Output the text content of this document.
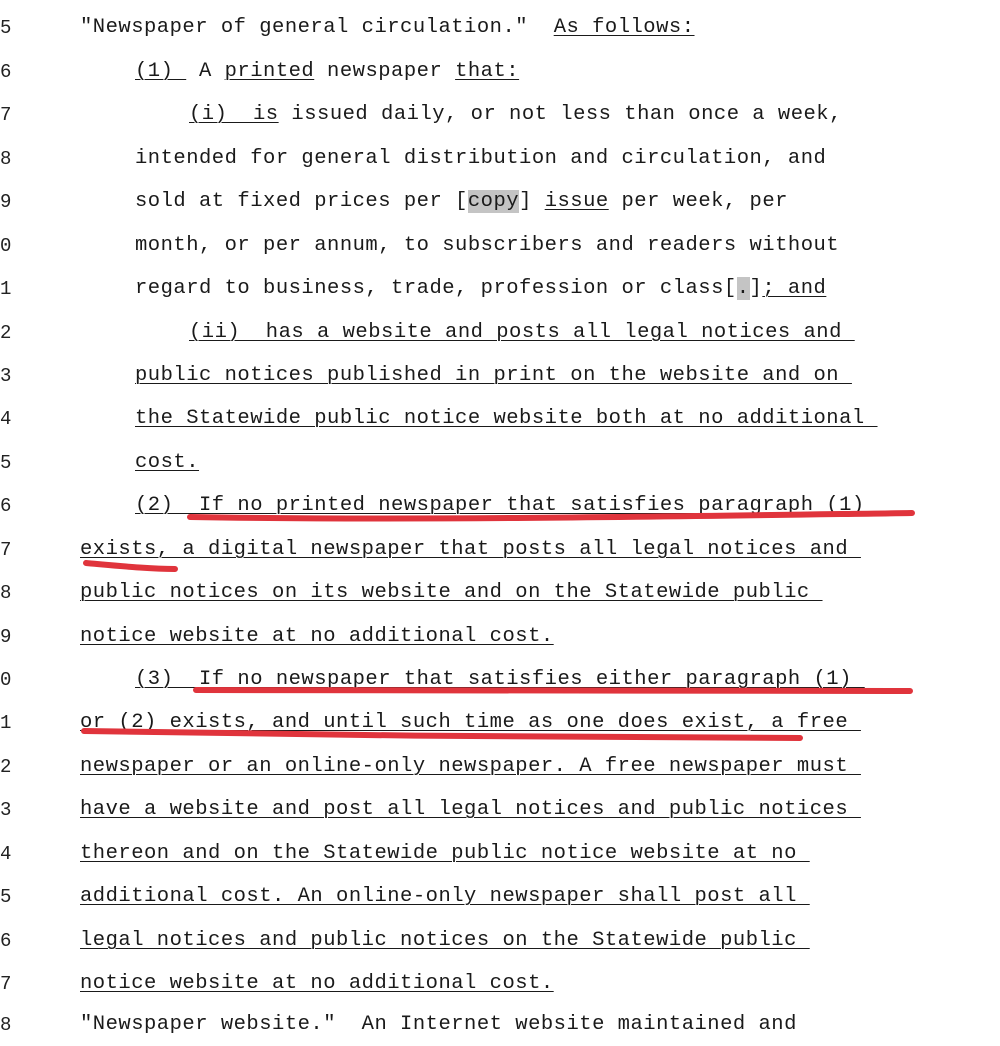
5	"Newspaper of general circulation."  As follows:
6	(1)  A printed newspaper that:
7	(i)  is issued daily, or not less than once a week,
8	intended for general distribution and circulation, and
9	sold at fixed prices per [copy] issue per week, per
0	month, or per annum, to subscribers and readers without
1	regard to business, trade, profession or class[.]; and
2	(ii)  has a website and posts all legal notices and
3	public notices published in print on the website and on
4	the Statewide public notice website both at no additional
5	cost.
6	(2)  If no printed newspaper that satisfies paragraph (1)
7	exists, a digital newspaper that posts all legal notices and
8	public notices on its website and on the Statewide public
9	notice website at no additional cost.
0	(3)  If no newspaper that satisfies either paragraph (1)
1	or (2) exists, and until such time as one does exist, a free
2	newspaper or an online-only newspaper. A free newspaper must
3	have a website and post all legal notices and public notices
4	thereon and on the Statewide public notice website at no
5	additional cost. An online-only newspaper shall post all
6	legal notices and public notices on the Statewide public
7	notice website at no additional cost.
8	"Newspaper website."  An Internet website maintained and
